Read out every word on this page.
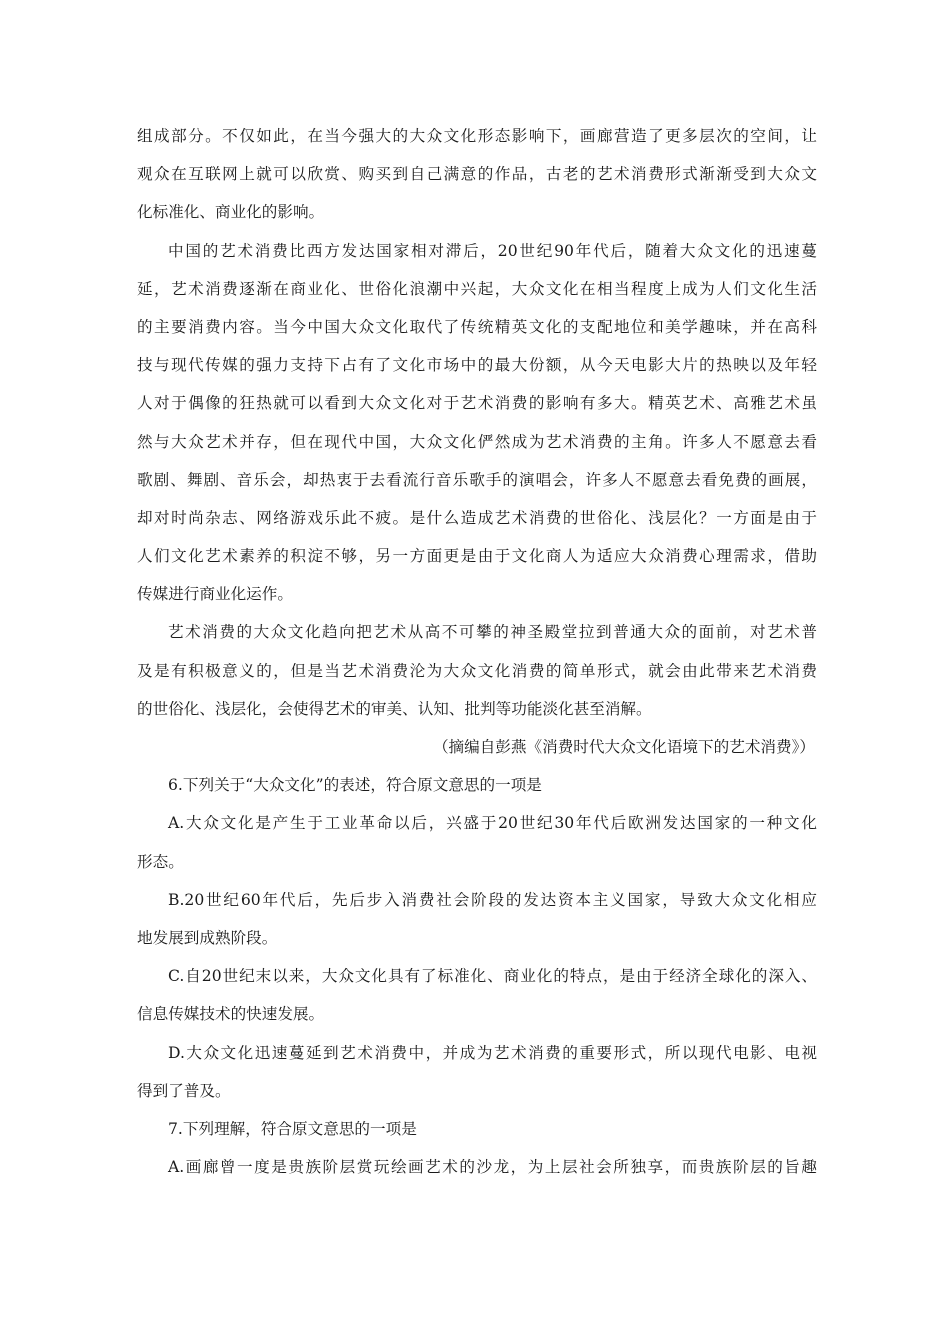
组成部分。不仅如此，在当今强大的大众文化形态影响下，画廊营造了更多层次的空间，让
观众在互联网上就可以欣赏、购买到自己满意的作品，古老的艺术消费形式渐渐受到大众文
化标准化、商业化的影响。
中国的艺术消费比西方发达国家相对滞后，20世纪90年代后，随着大众文化的迅速蔓
延，艺术消费逐渐在商业化、世俗化浪潮中兴起，大众文化在相当程度上成为人们文化生活
的主要消费内容。当今中国大众文化取代了传统精英文化的支配地位和美学趣味，并在高科
技与现代传媒的强力支持下占有了文化市场中的最大份额，从今天电影大片的热映以及年轻
人对于偶像的狂热就可以看到大众文化对于艺术消费的影响有多大。精英艺术、高雅艺术虽
然与大众艺术并存，但在现代中国，大众文化俨然成为艺术消费的主角。许多人不愿意去看
歌剧、舞剧、音乐会，却热衷于去看流行音乐歌手的演唱会，许多人不愿意去看免费的画展，
却对时尚杂志、网络游戏乐此不疲。是什么造成艺术消费的世俗化、浅层化？一方面是由于
人们文化艺术素养的积淀不够，另一方面更是由于文化商人为适应大众消费心理需求，借助
传媒进行商业化运作。
艺术消费的大众文化趋向把艺术从高不可攀的神圣殿堂拉到普通大众的面前，对艺术普
及是有积极意义的，但是当艺术消费沦为大众文化消费的简单形式，就会由此带来艺术消费
的世俗化、浅层化，会使得艺术的审美、认知、批判等功能淡化甚至消解。
（摘编自彭燕《消费时代大众文化语境下的艺术消费》）
6.下列关于“大众文化”的表述，符合原文意思的一项是
A.大众文化是产生于工业革命以后，兴盛于20世纪30年代后欧洲发达国家的一种文化
形态。
B.20世纪60年代后，先后步入消费社会阶段的发达资本主义国家，导致大众文化相应
地发展到成熟阶段。
C.自20世纪末以来，大众文化具有了标准化、商业化的特点，是由于经济全球化的深入、
信息传媒技术的快速发展。
D.大众文化迅速蔓延到艺术消费中，并成为艺术消费的重要形式，所以现代电影、电视
得到了普及。
7.下列理解，符合原文意思的一项是
A.画廊曾一度是贵族阶层赏玩绘画艺术的沙龙，为上层社会所独享，而贵族阶层的旨趣
